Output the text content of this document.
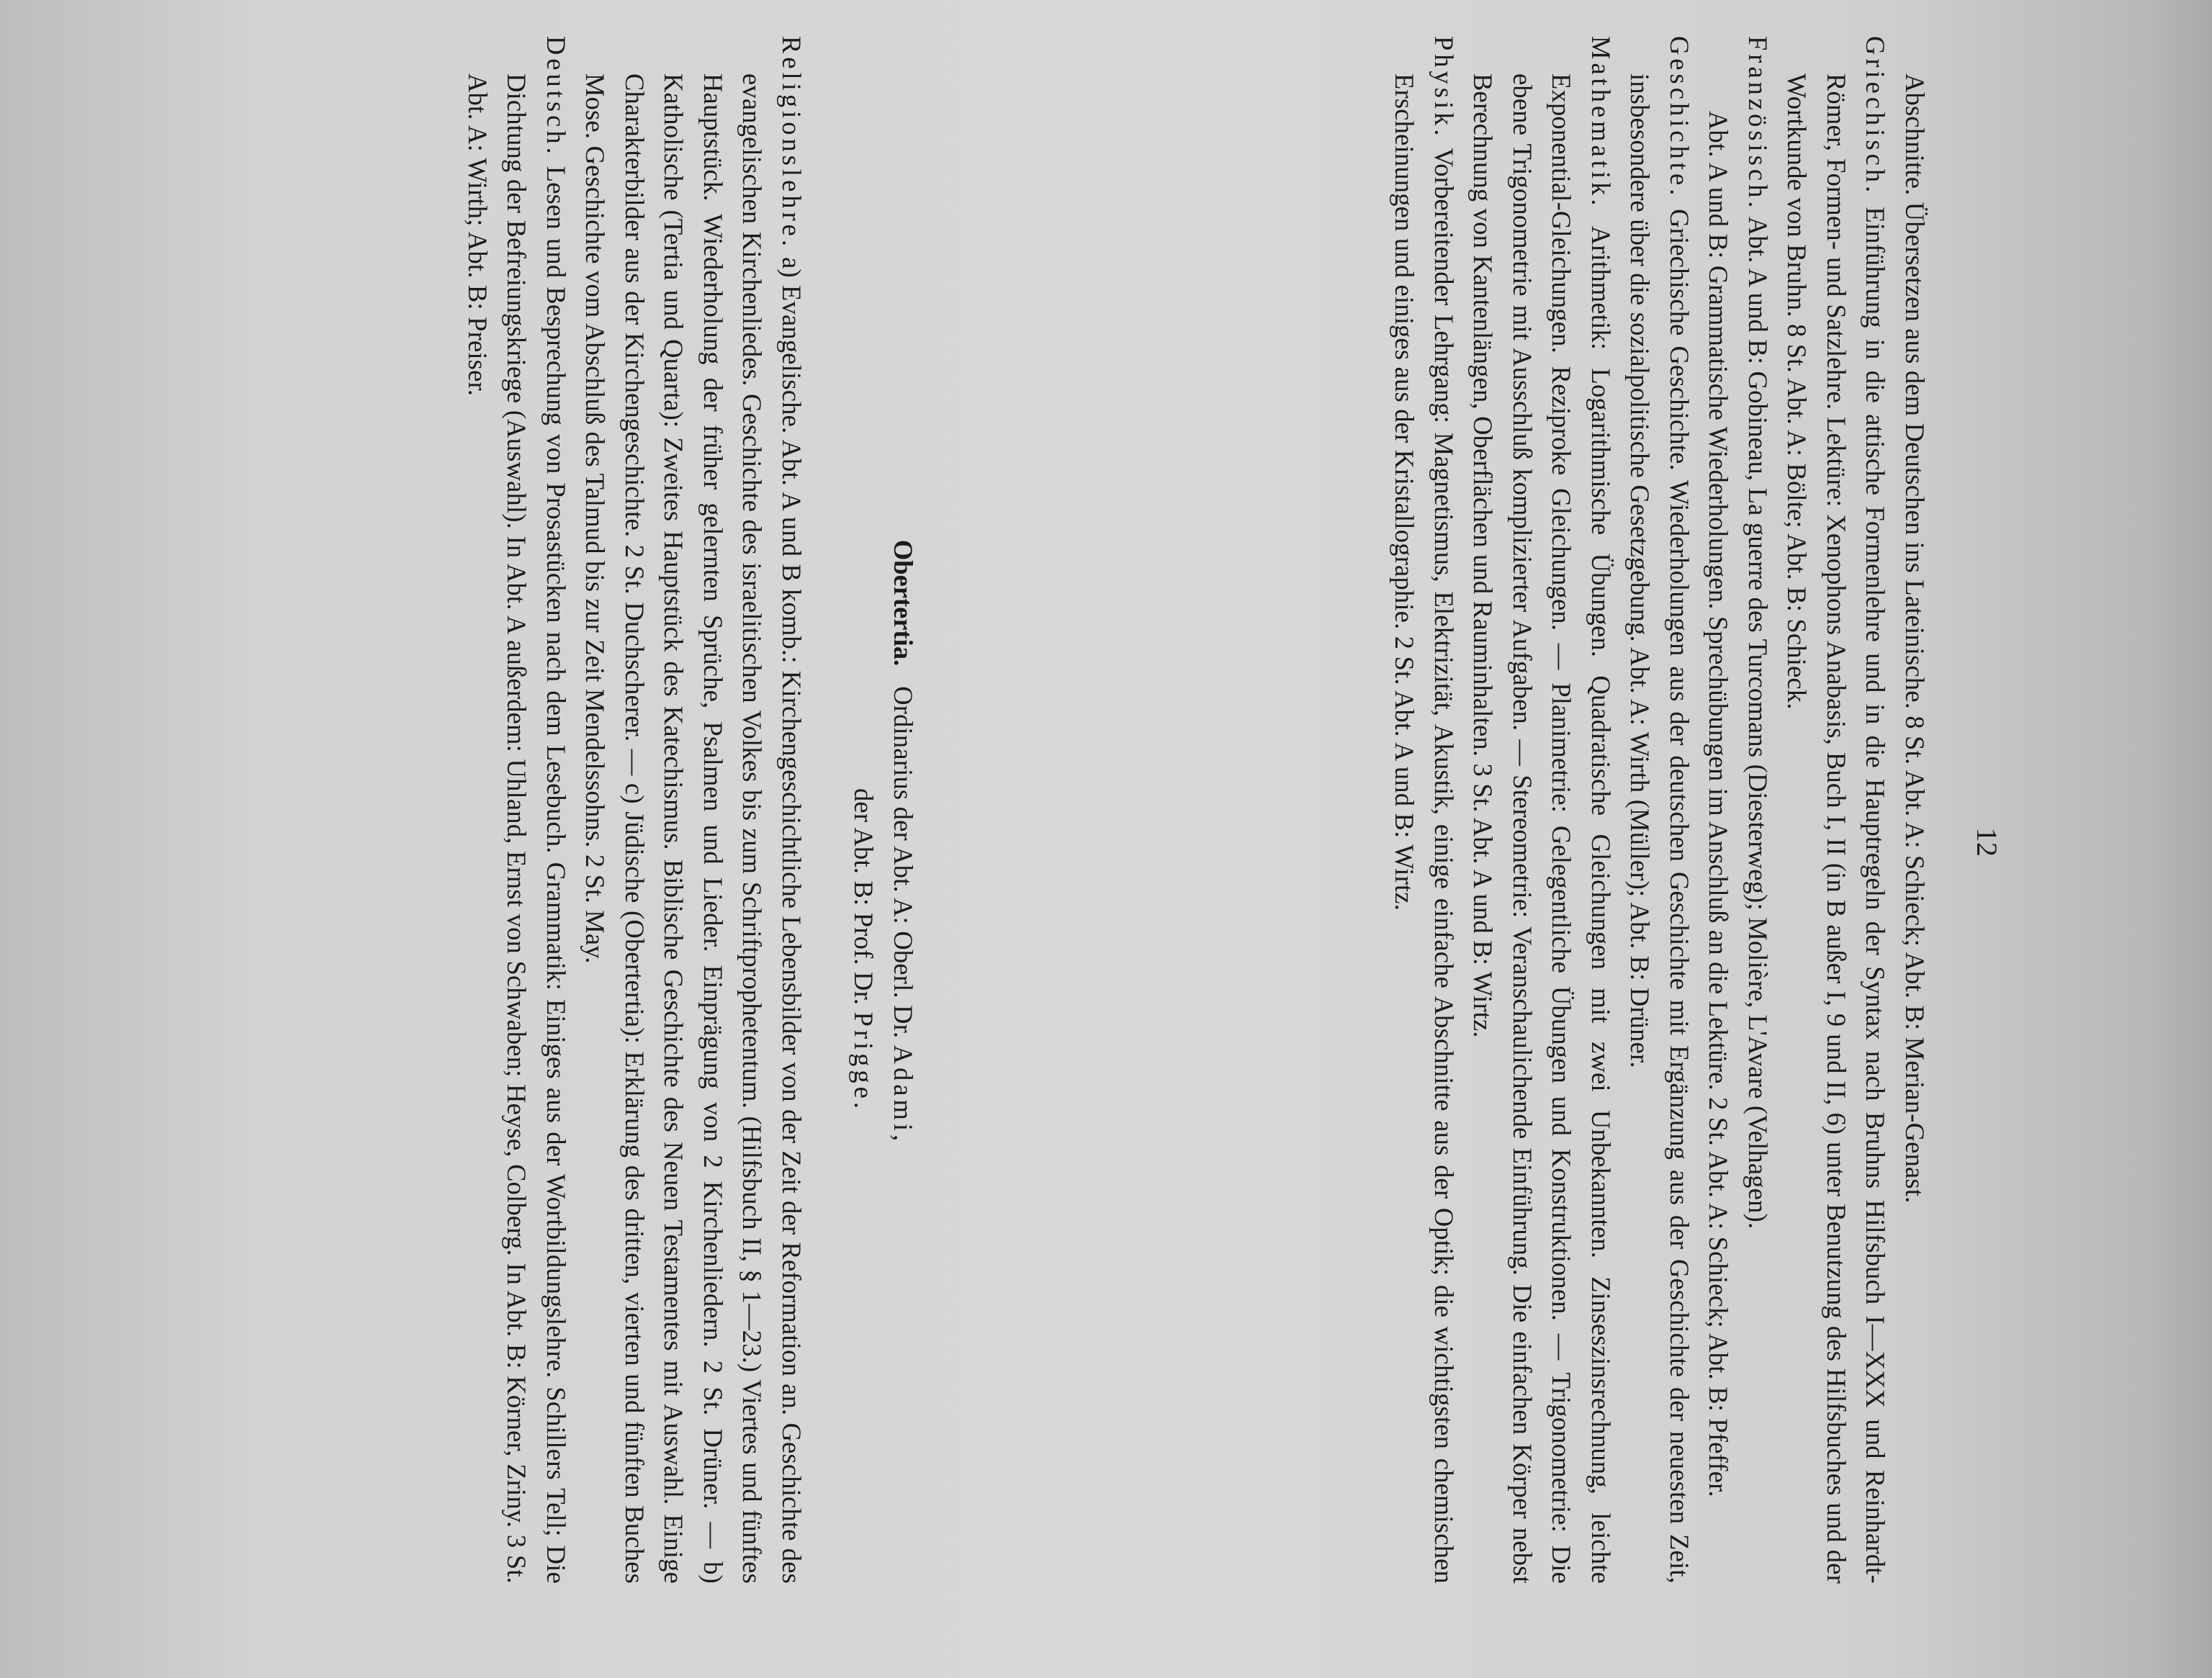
12

Abschnitte. Übersetzen aus dem Deutschen ins Lateinische. 8 St. Abt. A: Schieck; Abt. B: Merian-Genast.

Griechisch. Einführung in die attische Formenlehre und in die Hauptregeln der Syntax nach Bruhns Hilfsbuch I—XXX und Reinhardt-Römer, Formen- und Satzlehre. Lektüre: Xenophons Anabasis, Buch I, II (in B außer I, 9 und II, 6) unter Benutzung des Hilfsbuches und der Wortkunde von Bruhn. 8 St. Abt. A: Bölte; Abt. B: Schieck.

Französisch. Abt. A und B: Gobineau, La guerre des Turcomans (Diesterweg); Molière, L'Avare (Velhagen).

Abt. A und B: Grammatische Wiederholungen. Sprechübungen im Anschluß an die Lektüre. 2 St. Abt. A: Schieck; Abt. B: Pfeffer.

Geschichte. Griechische Geschichte. Wiederholungen aus der deutschen Geschichte mit Ergänzung aus der Geschichte der neuesten Zeit, insbesondere über die sozialpolitische Gesetzgebung. Abt. A: Wirth (Müller); Abt. B: Drüner.

Mathematik. Arithmetik: Logarithmische Übungen. Quadratische Gleichungen mit zwei Unbekannten. Zinseszinsrechnung, leichte Exponential-Gleichungen. Reziproke Gleichungen. — Planimetrie: Gelegentliche Übungen und Konstruktionen. — Trigonometrie: Die ebene Trigonometrie mit Ausschluß komplizierter Aufgaben. — Stereometrie: Veranschaulichende Einführung. Die einfachen Körper nebst Berechnung von Kantenlängen, Oberflächen und Rauminhalten. 3 St. Abt. A und B: Wirtz.

Physik. Vorbereitender Lehrgang: Magnetismus, Elektrizität, Akustik, einige einfache Abschnitte aus der Optik; die wichtigsten chemischen Erscheinungen und einiges aus der Kristallographie. 2 St. Abt. A und B: Wirtz.

Obertertia.   Ordinarius der Abt. A: Oberl. Dr. Adami,

der Abt. B: Prof. Dr. Prigge.

Religionslehre. a) Evangelische. Abt. A und B komb.: Kirchengeschichtliche Lebensbilder von der Zeit der Reformation an. Geschichte des evangelischen Kirchenliedes. Geschichte des israelitischen Volkes bis zum Schriftprophetentum. (Hilfsbuch II, § 1—23.) Viertes und fünftes Hauptstück. Wiederholung der früher gelernten Sprüche, Psalmen und Lieder. Einprägung von 2 Kirchenliedern. 2 St. Drüner. — b) Katholische (Tertia und Quarta): Zweites Hauptstück des Katechismus. Biblische Geschichte des Neuen Testamentes mit Auswahl. Einige Charakterbilder aus der Kirchengeschichte. 2 St. Duchscherer. — c) Jüdische (Obertertia): Erklärung des dritten, vierten und fünften Buches Mose. Geschichte vom Abschluß des Talmud bis zur Zeit Mendelssohns. 2 St. May.

Deutsch. Lesen und Besprechung von Prosastücken nach dem Lesebuch. Grammatik: Einiges aus der Wortbildungslehre. Schillers Tell; Die Dichtung der Befreiungskriege (Auswahl). In Abt. A außerdem: Uhland, Ernst von Schwaben; Heyse, Colberg. In Abt. B: Körner, Zriny. 3 St. Abt. A: Wirth; Abt. B: Preiser.
